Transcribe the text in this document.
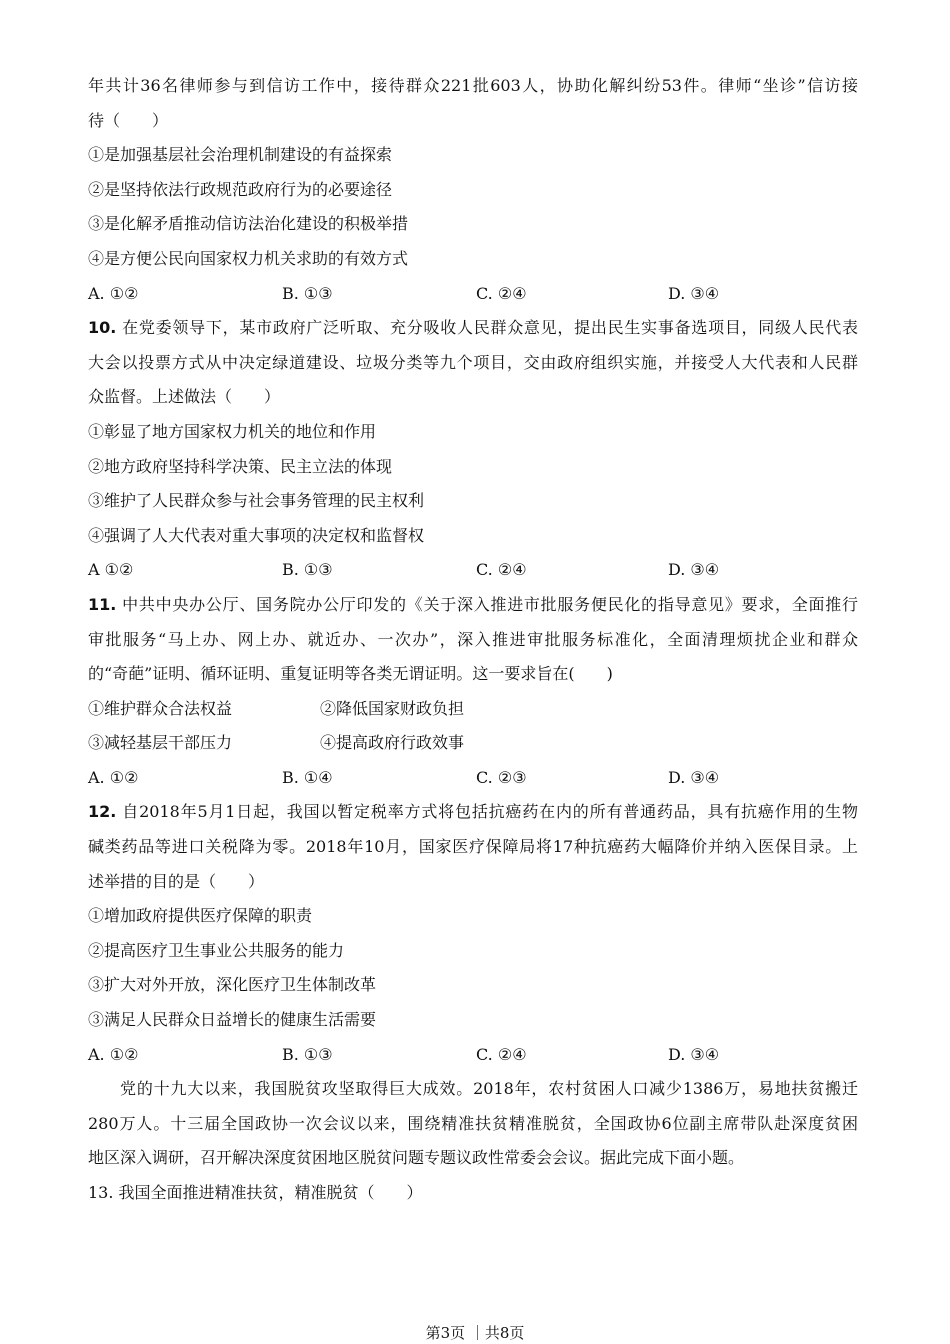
年共计36名律师参与到信访工作中，接待群众221批603人，协助化解纠纷53件。律师“坐诊”信访接
待（　　）
①是加强基层社会治理机制建设的有益探索
②是坚持依法行政规范政府行为的必要途径
③是化解矛盾推动信访法治化建设的积极举措
④是方便公民向国家权力机关求助的有效方式
A. ①②	B. ①③	C. ②④	D. ③④
10. 在党委领导下，某市政府广泛听取、充分吸收人民群众意见，提出民生实事备选项目，同级人民代表
大会以投票方式从中决定绿道建设、垃圾分类等九个项目，交由政府组织实施，并接受人大代表和人民群
众监督。上述做法（　　）
①彰显了地方国家权力机关的地位和作用
②地方政府坚持科学决策、民主立法的体现
③维护了人民群众参与社会事务管理的民主权利
④强调了人大代表对重大事项的决定权和监督权
A ①②	B. ①③	C. ②④	D. ③④
11. 中共中央办公厅、国务院办公厅印发的《关于深入推进市批服务便民化的指导意见》要求，全面推行
审批服务“马上办、网上办、就近办、一次办”，深入推进审批服务标准化，全面清理烦扰企业和群众
的“奇葩”证明、循环证明、重复证明等各类无谓证明。这一要求旨在(　　)
①维护群众合法权益	②降低国家财政负担
③减轻基层干部压力	④提高政府行政效事
A. ①②	B. ①④	C. ②③	D. ③④
12. 自2018年5月1日起，我国以暂定税率方式将包括抗癌药在内的所有普通药品，具有抗癌作用的生物
碱类药品等进口关税降为零。2018年10月，国家医疗保障局将17种抗癌药大幅降价并纳入医保目录。上
述举措的目的是（　　）
①增加政府提供医疗保障的职责
②提高医疗卫生事业公共服务的能力
③扩大对外开放，深化医疗卫生体制改革
③满足人民群众日益增长的健康生活需要
A. ①②	B. ①③	C. ②④	D. ③④
党的十九大以来，我国脱贫攻坚取得巨大成效。2018年，农村贫困人口减少1386万，易地扶贫搬迁
280万人。十三届全国政协一次会议以来，围绕精准扶贫精准脱贫，全国政协6位副主席带队赴深度贫困
地区深入调研，召开解决深度贫困地区脱贫问题专题议政性常委会会议。据此完成下面小题。
13. 我国全面推进精准扶贫，精准脱贫（　　）
第3页 ｜共8页
